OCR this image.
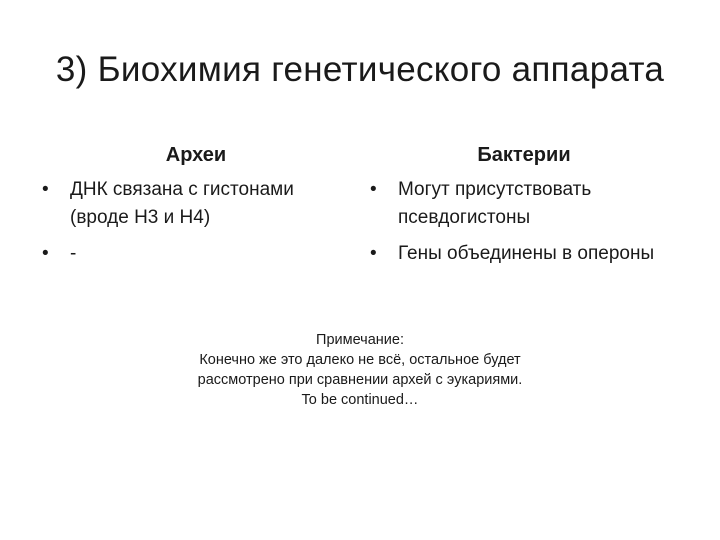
3) Биохимия генетического аппарата
Археи	Бактерии
• ДНК связана с гистонами (вроде H3 и H4)
• -
• Могут присутствовать псевдогистоны
• Гены объединены в опероны
Примечание:
Конечно же это далеко не всё, остальное будет
рассмотрено при сравнении архей с эукариями.
To be continued…
